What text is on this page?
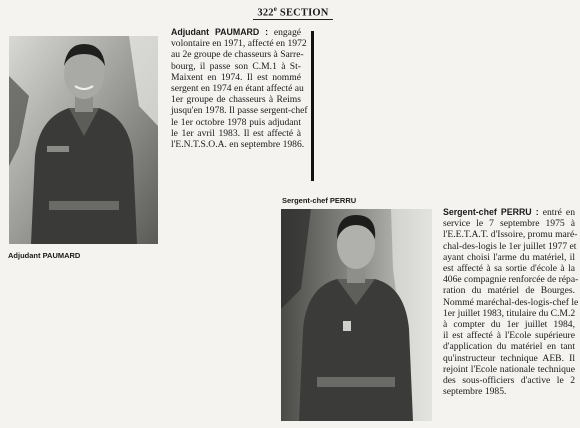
322e SECTION
Adjudant PAUMARD
Adjudant PAUMARD : engagé
volontaire en 1971, affecté en 1972
au 2e groupe de chasseurs à Sarre-
bourg, il passe son C.M.1 à St-
Maixent en 1974. Il est nommé
sergent en 1974 en étant affecté au
1er groupe de chasseurs à Reims
jusqu'en 1978. Il passe sergent-chef
le 1er octobre 1978 puis adjudant
le 1er avril 1983. Il est affecté à
l'E.N.T.S.O.A. en septembre 1986.
Sergent-chef PERRU
Sergent-chef PERRU : entré en
service le 7 septembre 1975 à
l'E.E.T.A.T. d'Issoire, promu maré-
chal-des-logis le 1er juillet 1977 et
ayant choisi l'arme du matériel, il
est affecté à sa sortie d'école à la
406e compagnie renforcée de répa-
ration du matériel de Bourges.
Nommé maréchal-des-logis-chef le
1er juillet 1983, titulaire du C.M.2
à compter du 1er juillet 1984,
il est affecté à l'Ecole supérieure
d'application du matériel en tant
qu'instructeur technique AEB. Il
rejoint l'Ecole nationale technique
des sous-officiers d'active le 2
septembre 1985.
